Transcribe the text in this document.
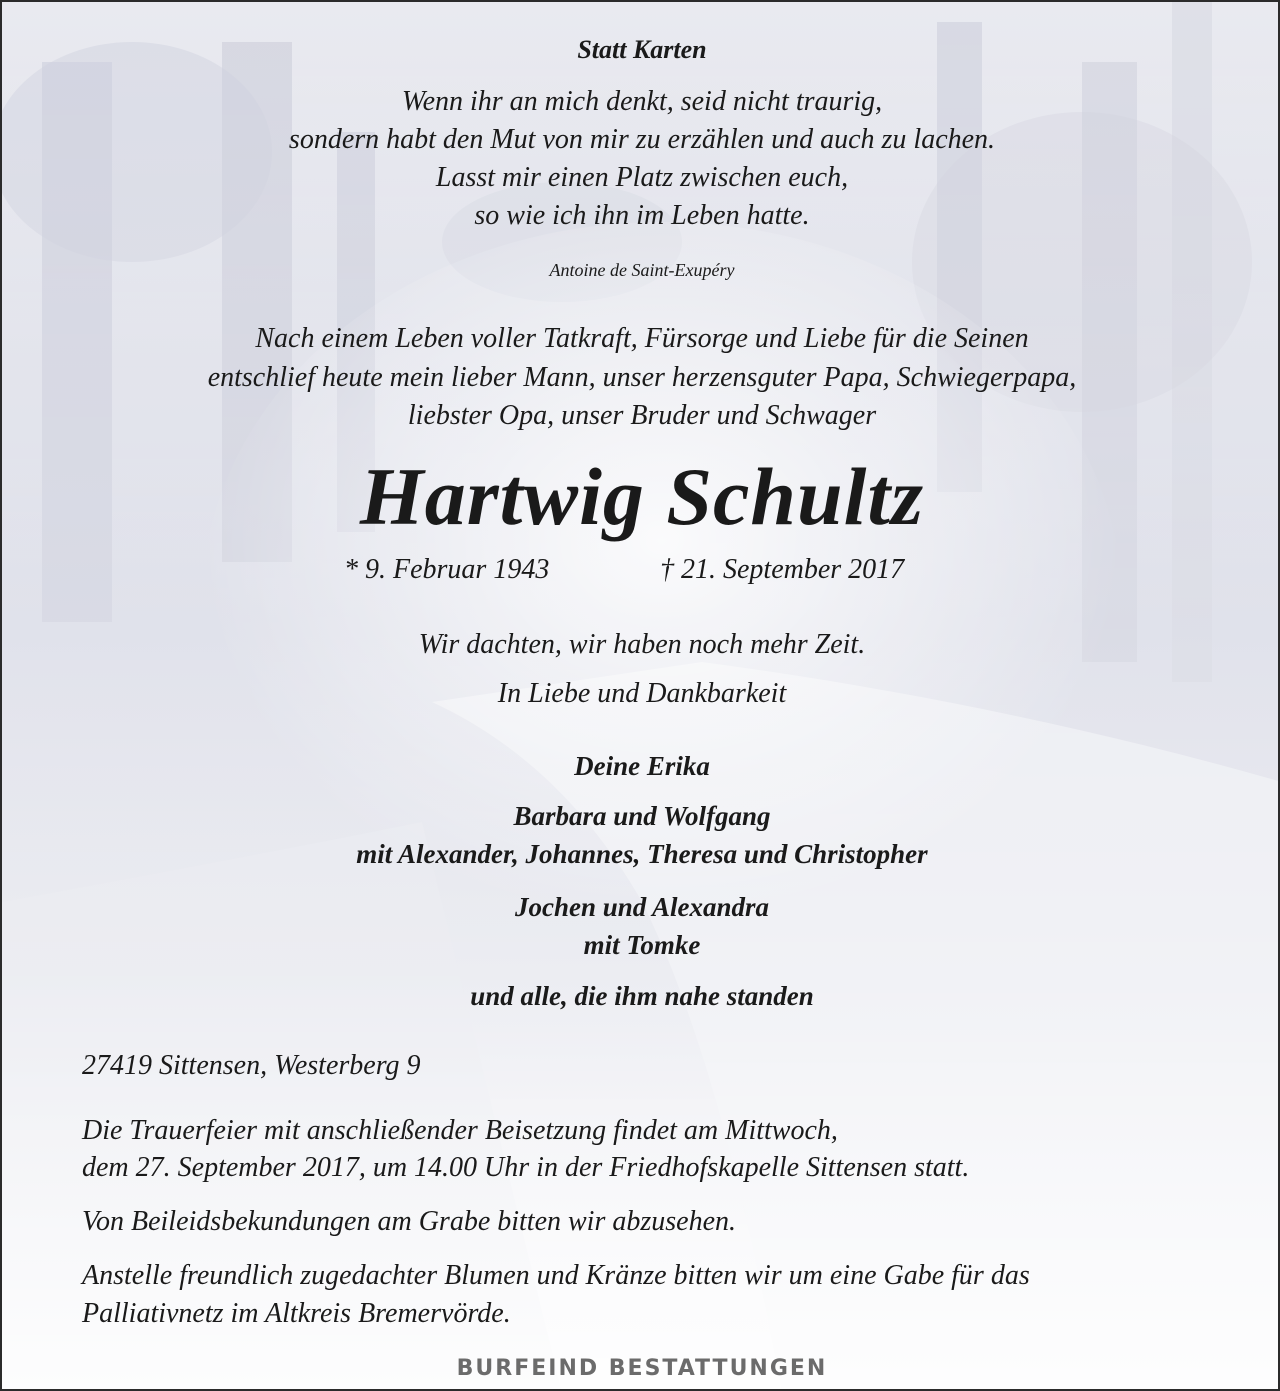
Statt Karten
Wenn ihr an mich denkt, seid nicht traurig,
sondern habt den Mut von mir zu erzählen und auch zu lachen.
Lasst mir einen Platz zwischen euch,
so wie ich ihn im Leben hatte.
Antoine de Saint-Exupéry
Nach einem Leben voller Tatkraft, Fürsorge und Liebe für die Seinen
entschlief heute mein lieber Mann, unser herzensguter Papa, Schwiegerpapa,
liebster Opa, unser Bruder und Schwager
Hartwig Schultz
* 9. Februar 1943	† 21. September 2017
Wir dachten, wir haben noch mehr Zeit.
In Liebe und Dankbarkeit
Deine Erika
Barbara und Wolfgang
mit Alexander, Johannes, Theresa und Christopher
Jochen und Alexandra
mit Tomke
und alle, die ihm nahe standen
27419 Sittensen, Westerberg 9
Die Trauerfeier mit anschließender Beisetzung findet am Mittwoch,
dem 27. September 2017, um 14.00 Uhr in der Friedhofskapelle Sittensen statt.
Von Beileidsbekundungen am Grabe bitten wir abzusehen.
Anstelle freundlich zugedachter Blumen und Kränze bitten wir um eine Gabe für das
Palliativnetz im Altkreis Bremervörde.
BURFEIND BESTATTUNGEN
